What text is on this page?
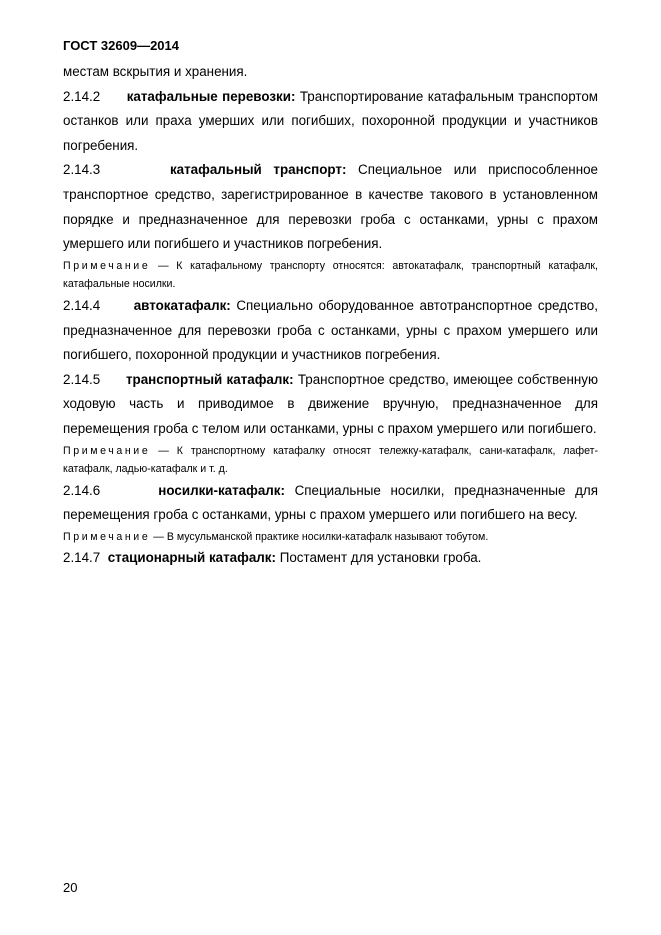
ГОСТ 32609—2014

местам вскрытия и хранения.

2.14.2 катафальные перевозки: Транспортирование катафальным транспортом останков или праха умерших или погибших, похоронной продукции и участников погребения.

2.14.3	катафальный транспорт: Специальное или приспособленное транспортное средство, зарегистрированное в качестве такового в установленном порядке и предназначенное для перевозки гроба с останками, урны с прахом умершего или погибшего и участников погребения.

Примечание — К катафальному транспорту относятся: автокатафалк, транспортный катафалк, катафальные носилки.

2.14.4 автокатафалк: Специально оборудованное автотранспортное средство, предназначенное для перевозки гроба с останками, урны с прахом умершего или погибшего, похоронной продукции и участников погребения.

2.14.5 транспортный катафалк: Транспортное средство, имеющее собственную ходовую часть и приводимое в движение вручную, предназначенное для перемещения гроба с телом или останками, урны с прахом умершего или погибшего.

Примечание — К транспортному катафалку относят тележку-катафалк, сани-катафалк, лафет-катафалк, ладью-катафалк и т. д.

2.14.6	носилки-катафалк: Специальные носилки, предназначенные для перемещения гроба с останками, урны с прахом умершего или погибшего на весу.

Примечание — В мусульманской практике носилки-катафалк называют тобутом.

2.14.7 стационарный катафалк: Постамент для установки гроба.

20
